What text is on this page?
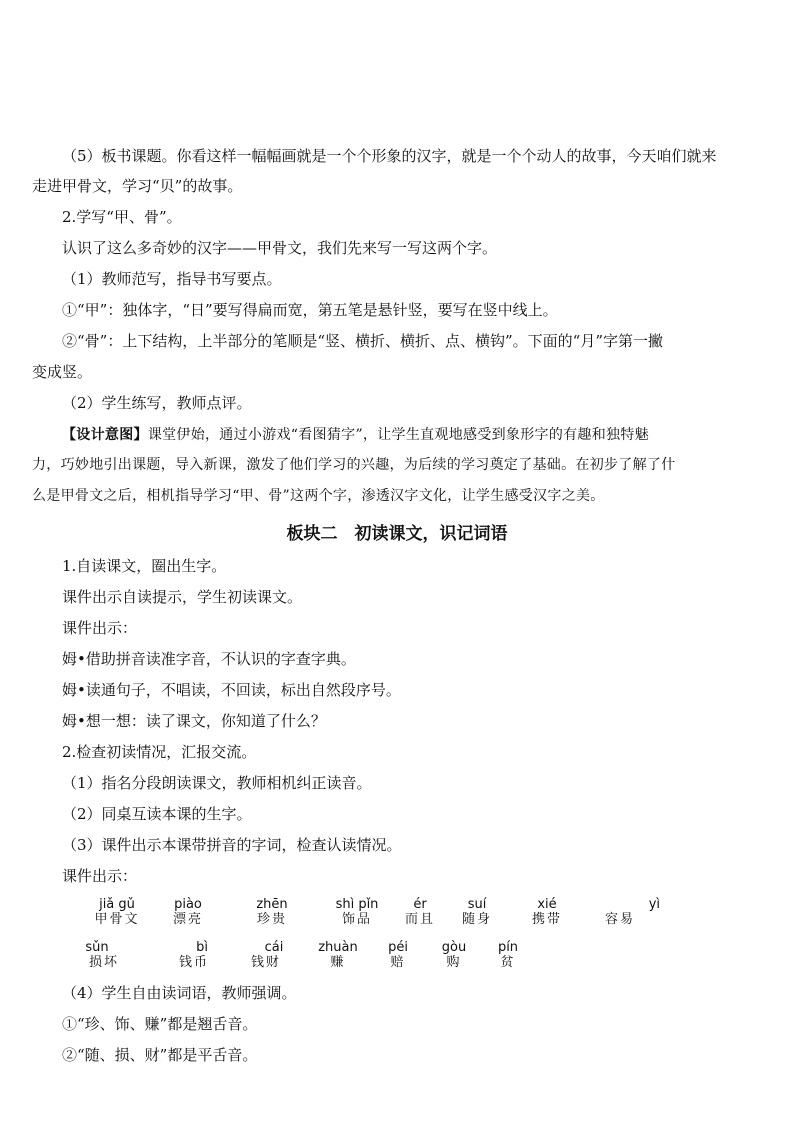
（5）板书课题。你看这样一幅幅画就是一个个形象的汉字，就是一个个动人的故事，今天咱们就来
走进甲骨文，学习“贝”的故事。
2.学写“甲、骨”。
认识了这么多奇妙的汉字——甲骨文，我们先来写一写这两个字。
（1）教师范写，指导书写要点。
①“甲”：独体字，“日”要写得扁而宽，第五笔是悬针竖，要写在竖中线上。
②“骨”：上下结构，上半部分的笔顺是“竖、横折、横折、点、横钩”。下面的“月”字第一撇
变成竖。
（2）学生练写，教师点评。
【设计意图】课堂伊始，通过小游戏“看图猜字”，让学生直观地感受到象形字的有趣和独特魅
力，巧妙地引出课题，导入新课，激发了他们学习的兴趣，为后续的学习奠定了基础。在初步了解了什
么是甲骨文之后，相机指导学习“甲、骨”这两个字，渗透汉字文化，让学生感受汉字之美。
板块二　初读课文，识记词语
1.自读课文，圈出生字。
课件出示自读提示，学生初读课文。
课件出示：
姆•借助拼音读准字音，不认识的字查字典。
姆•读通句子，不唱读，不回读，标出自然段序号。
姆•想一想：读了课文，你知道了什么？
2.检查初读情况，汇报交流。
（1）指名分段朗读课文，教师相机纠正读音。
（2）同桌互读本课的生字。
（3）课件出示本课带拼音的字词，检查认读情况。
课件出示：
jiǎ gǔ
甲骨文
piào
漂亮
zhēn
珍贵
shì pǐn
饰品
ér
而且
suí
随身
xié
携带
yì
容易
sǔn
损坏
bì
钱币
cái
钱财
zhuàn
赚
péi
赔
gòu
购
pín
贫
（4）学生自由读词语，教师强调。
①“珍、饰、赚”都是翘舌音。
②“随、损、财”都是平舌音。
